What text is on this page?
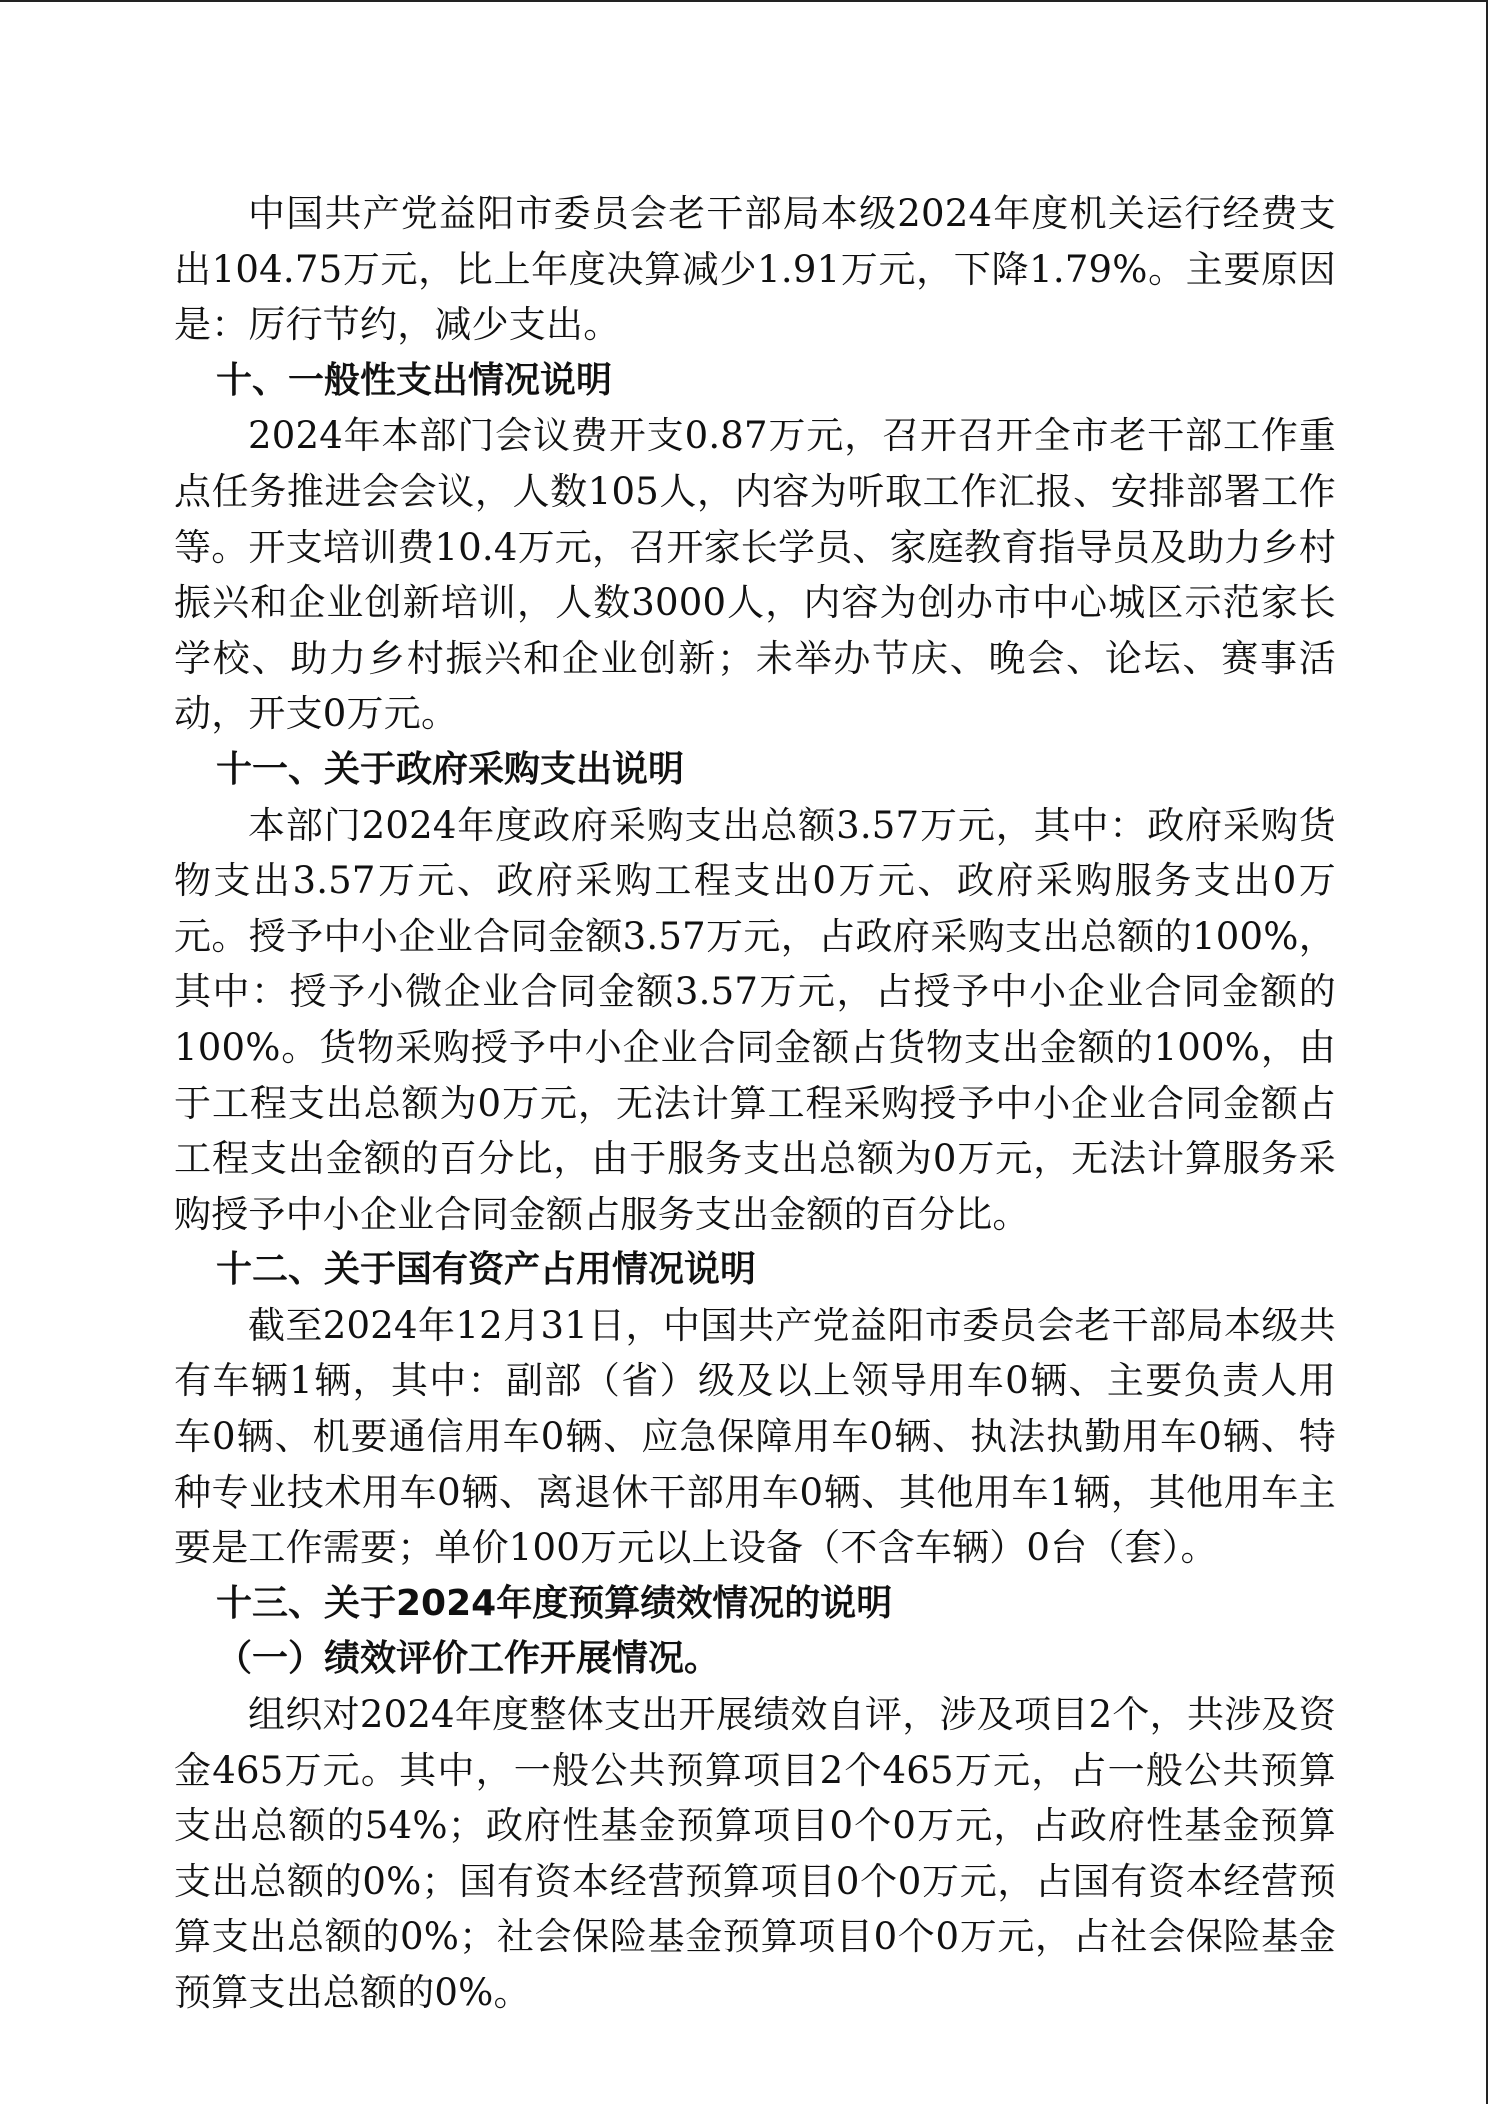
中国共产党益阳市委员会老干部局本级2024年度机关运行经费支出104.75万元，比上年度决算减少1.91万元，下降1.79%。主要原因是：厉行节约，减少支出。

十、一般性支出情况说明

2024年本部门会议费开支0.87万元，召开召开全市老干部工作重点任务推进会会议，人数105人，内容为听取工作汇报、安排部署工作等。开支培训费10.4万元，召开家长学员、家庭教育指导员及助力乡村振兴和企业创新培训，人数3000人，内容为创办市中心城区示范家长学校、助力乡村振兴和企业创新；未举办节庆、晚会、论坛、赛事活动，开支0万元。

十一、关于政府采购支出说明

本部门2024年度政府采购支出总额3.57万元，其中：政府采购货物支出3.57万元、政府采购工程支出0万元、政府采购服务支出0万元。授予中小企业合同金额3.57万元，占政府采购支出总额的100%，其中：授予小微企业合同金额3.57万元，占授予中小企业合同金额的100%。货物采购授予中小企业合同金额占货物支出金额的100%，由于工程支出总额为0万元，无法计算工程采购授予中小企业合同金额占工程支出金额的百分比，由于服务支出总额为0万元，无法计算服务采购授予中小企业合同金额占服务支出金额的百分比。

十二、关于国有资产占用情况说明

截至2024年12月31日，中国共产党益阳市委员会老干部局本级共有车辆1辆，其中：副部（省）级及以上领导用车0辆、主要负责人用车0辆、机要通信用车0辆、应急保障用车0辆、执法执勤用车0辆、特种专业技术用车0辆、离退休干部用车0辆、其他用车1辆，其他用车主要是工作需要；单价100万元以上设备（不含车辆）0台（套）。

十三、关于2024年度预算绩效情况的说明

（一）绩效评价工作开展情况。

组织对2024年度整体支出开展绩效自评，涉及项目2个，共涉及资金465万元。其中，一般公共预算项目2个465万元，占一般公共预算支出总额的54%；政府性基金预算项目0个0万元，占政府性基金预算支出总额的0%；国有资本经营预算项目0个0万元，占国有资本经营预算支出总额的0%；社会保险基金预算项目0个0万元，占社会保险基金预算支出总额的0%。
